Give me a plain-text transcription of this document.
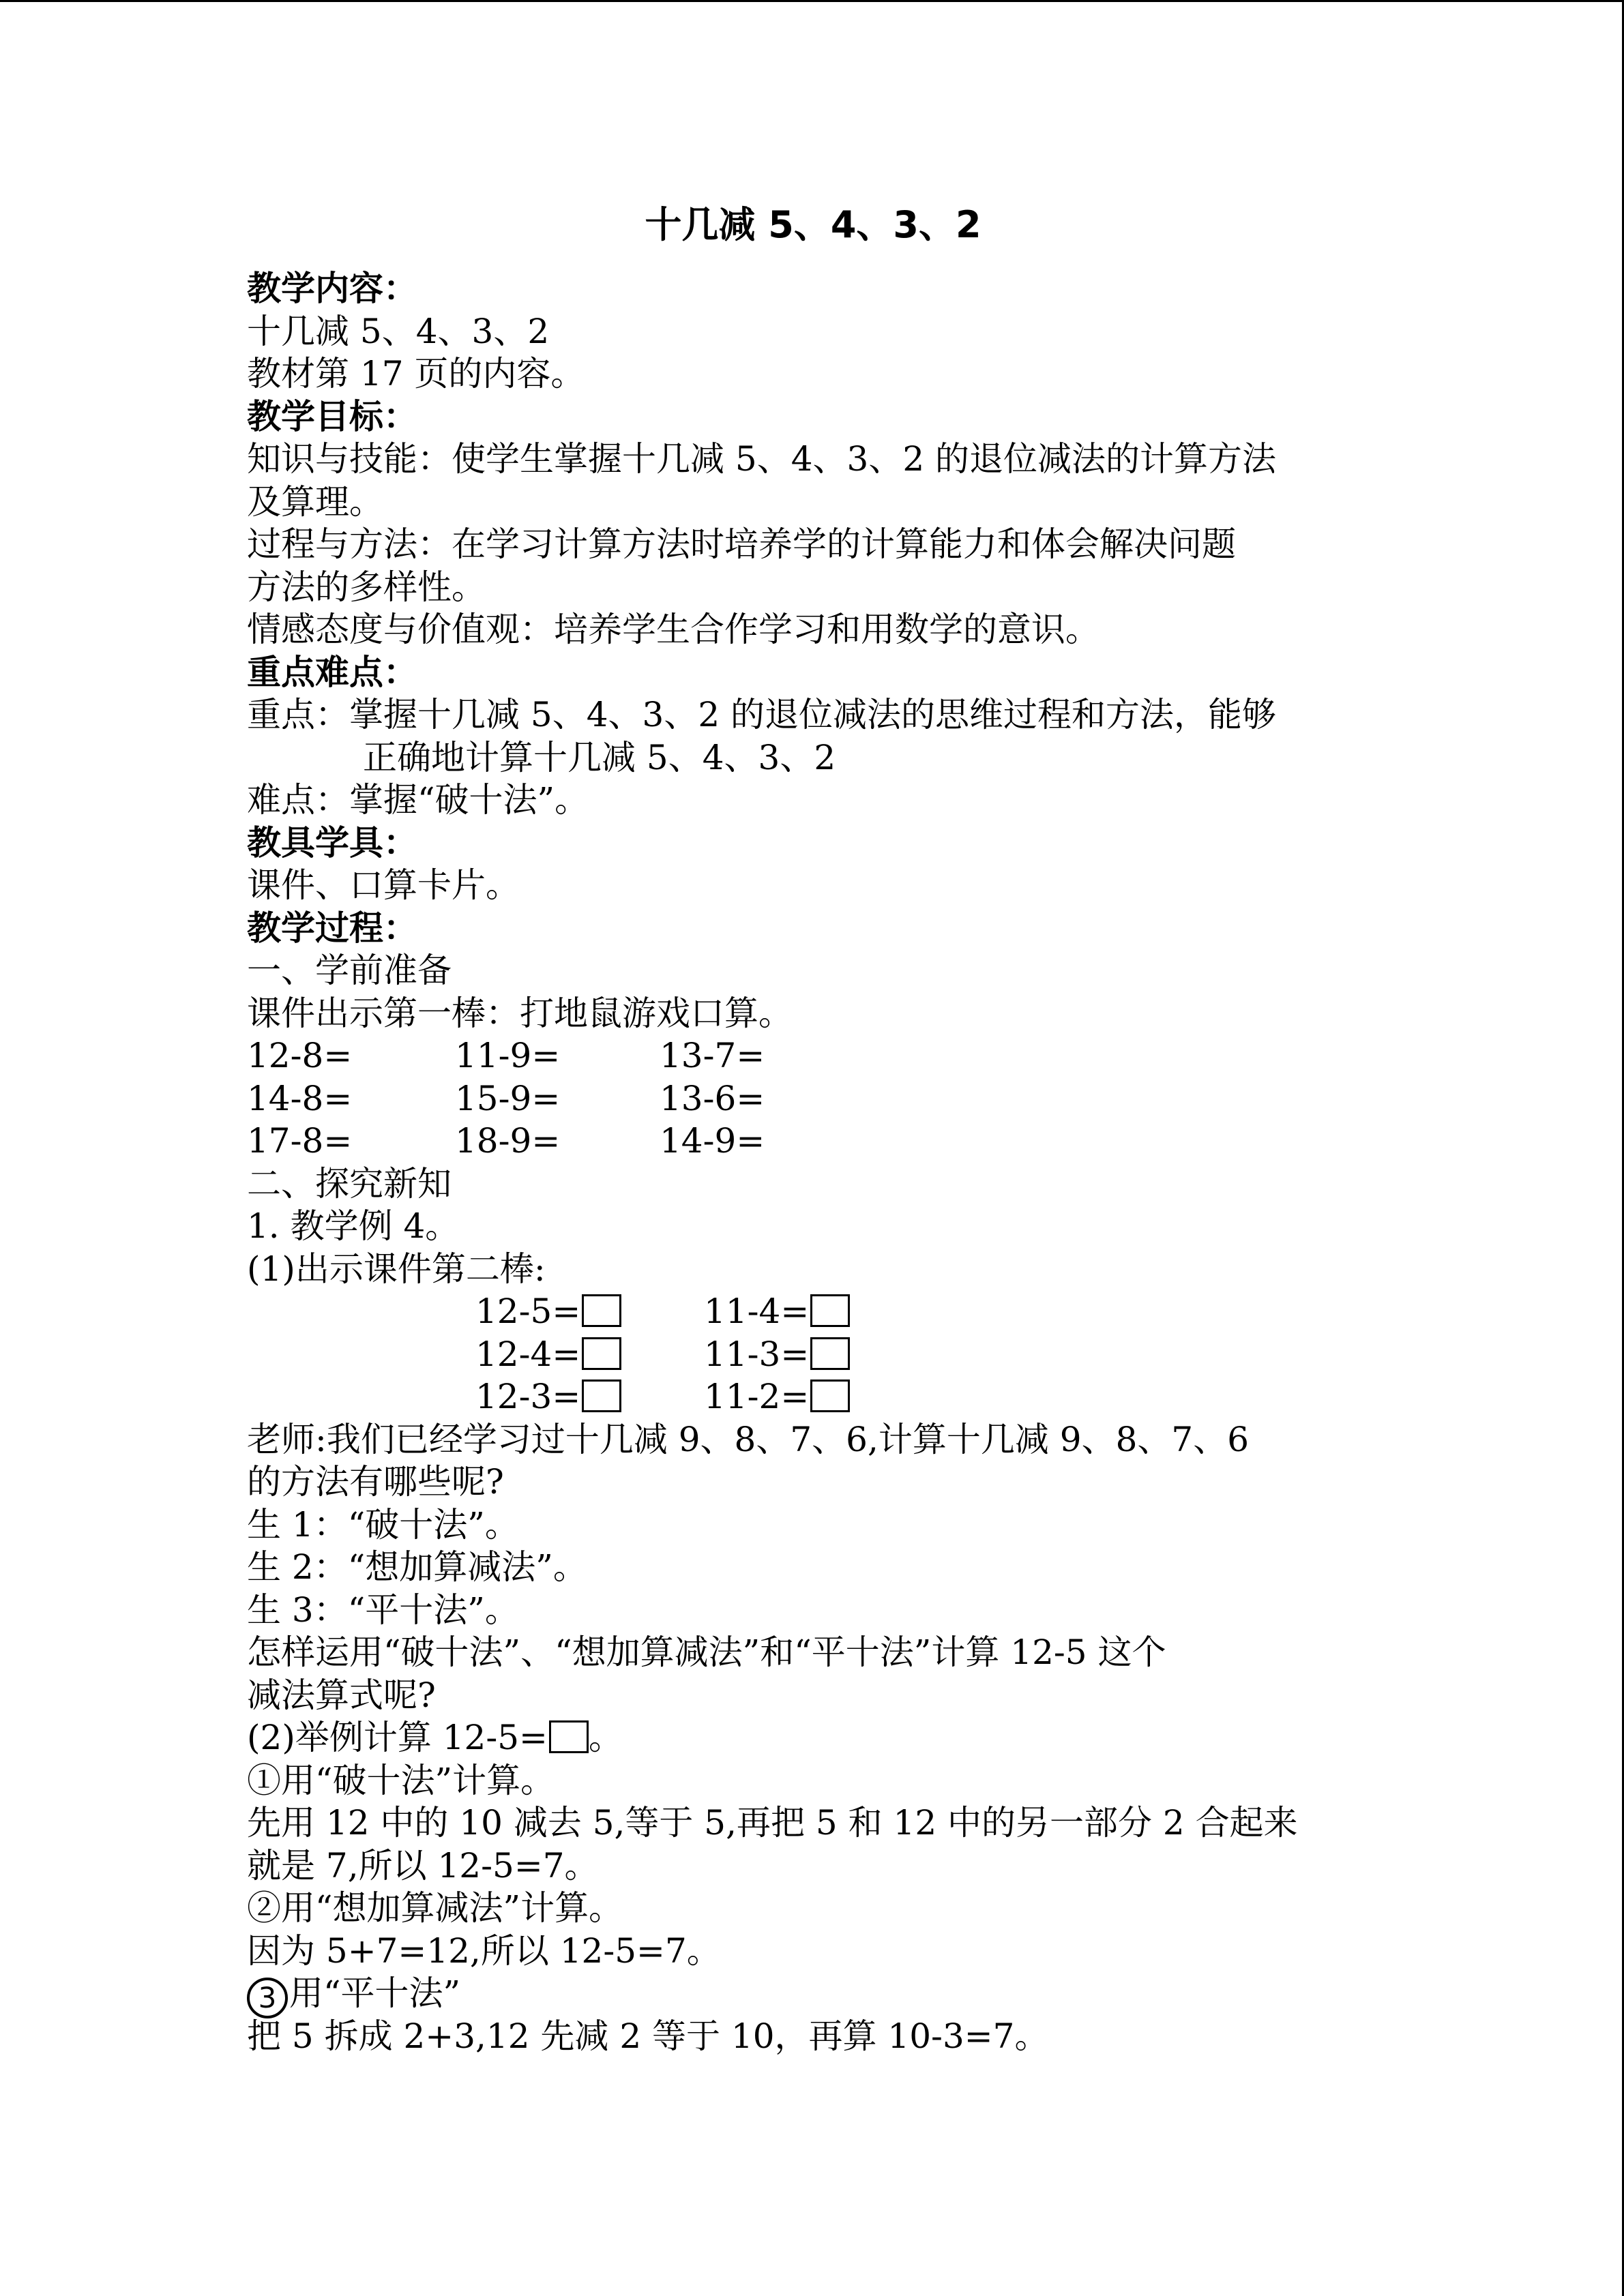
十几减 5、4、3、2
教学内容：
十几减 5、4、3、2
教材第 17 页的内容。
教学目标：
知识与技能：使学生掌握十几减 5、4、3、2 的退位减法的计算方法
及算理。
过程与方法：在学习计算方法时培养学的计算能力和体会解决问题
方法的多样性。
情感态度与价值观：培养学生合作学习和用数学的意识。
重点难点：
重点：掌握十几减 5、4、3、2 的退位减法的思维过程和方法，能够
正确地计算十几减 5、4、3、2
难点：掌握“破十法”。
教具学具：
课件、口算卡片。
教学过程：
一、学前准备
课件出示第一棒：打地鼠游戏口算。
12-8=	11-9=	13-7=
14-8=	15-9=	13-6=
17-8=	18-9=	14-9=
二、探究新知
1. 教学例 4。
(1)出示课件第二棒:
12-5=	11-4=
12-4=	11-3=
12-3=	11-2=
老师:我们已经学习过十几减 9、8、7、6,计算十几减 9、8、7、6
的方法有哪些呢?
生 1：“破十法”。
生 2：“想加算减法”。
生 3：“平十法”。
怎样运用“破十法”、“想加算减法”和“平十法”计算 12-5 这个
减法算式呢?
(2)举例计算 12-5= 。
①用“破十法”计算。
先用 12 中的 10 减去 5,等于 5,再把 5 和 12 中的另一部分 2 合起来
就是 7,所以 12-5=7。
②用“想加算减法”计算。
因为 5+7=12,所以 12-5=7。
3 用“平十法”
把 5 拆成 2+3,12 先减 2 等于 10，再算 10-3=7。
